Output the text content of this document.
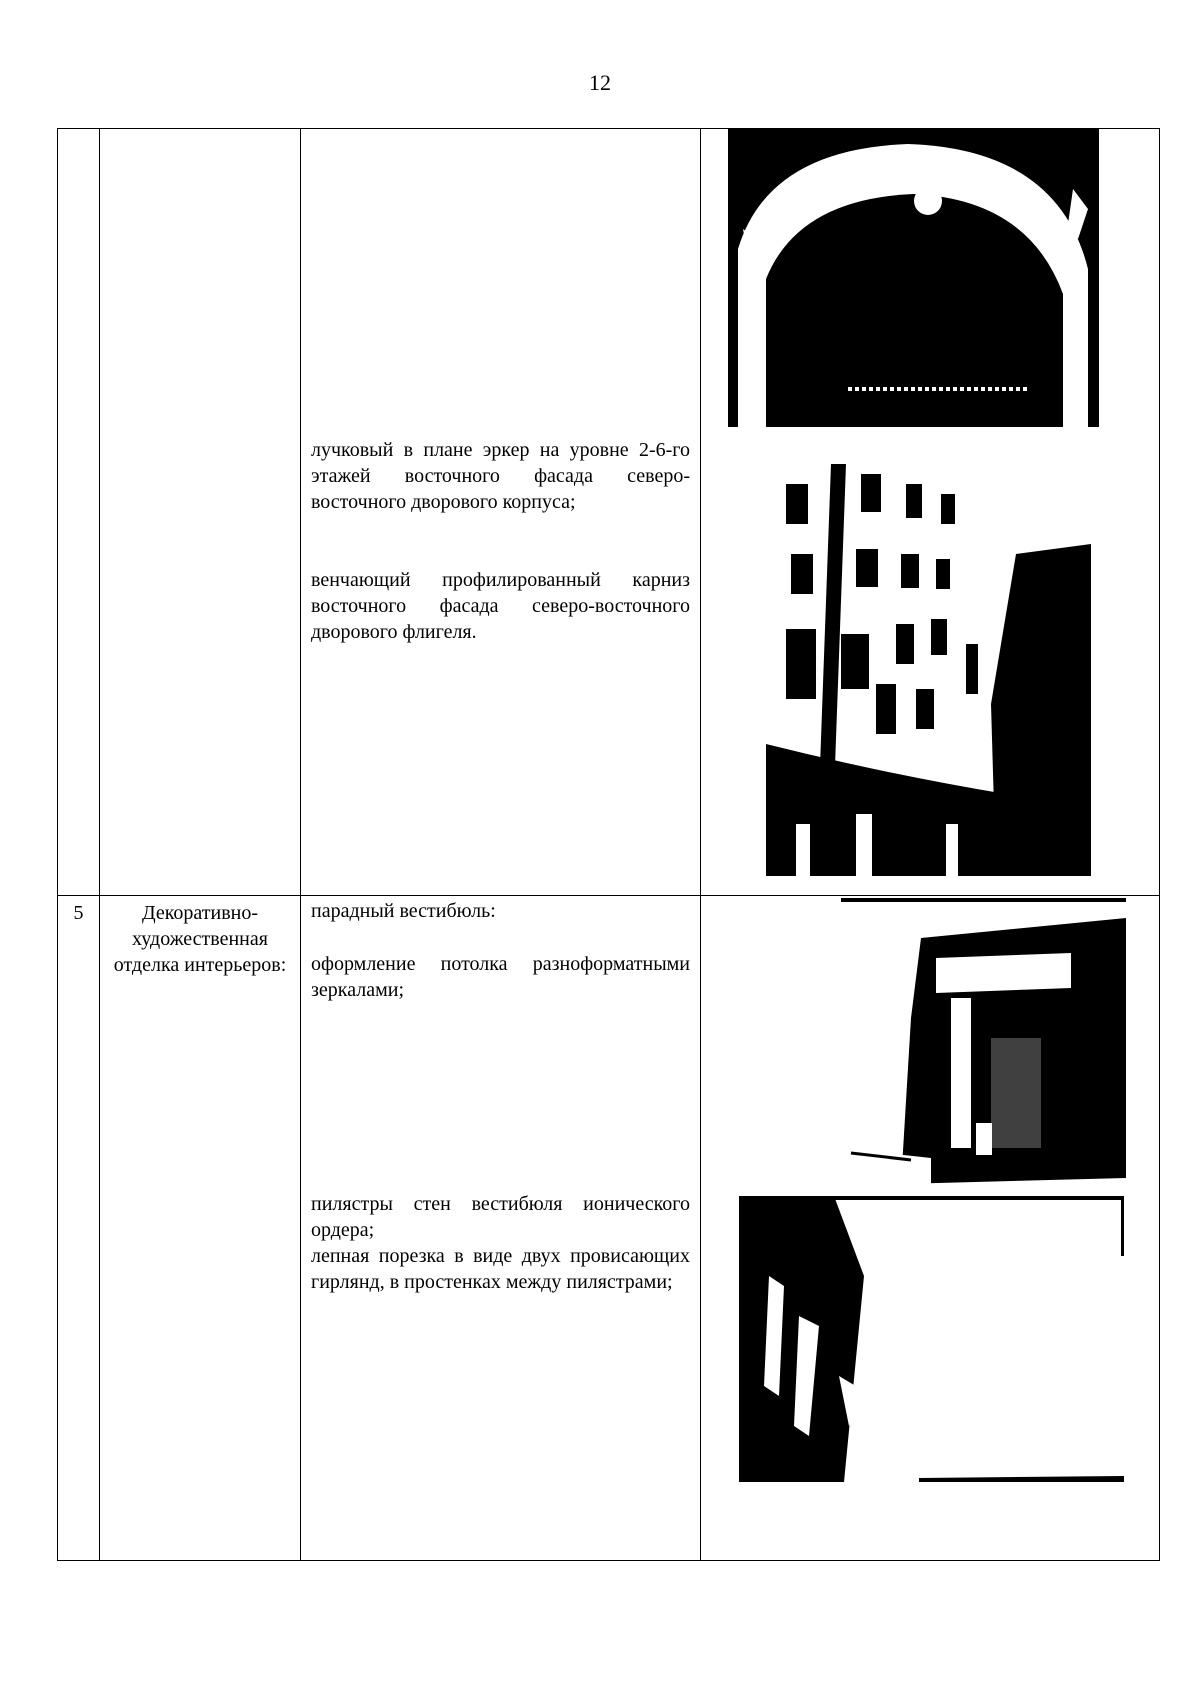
12

		лучковый в плане эркер на уровне 2-6-го этажей восточного фасада северо-восточного дворового корпуса;
венчающий профилированный карниз восточного фасада северо-восточного дворового флигеля.

5	Декоративно-художественная отделка интерьеров:	парадный вестибюль:
оформление потолка разноформатными зеркалами;
пилястры стен вестибюля ионического ордера;
лепная порезка в виде двух провисающих гирлянд, в простенках между пилястрами;
